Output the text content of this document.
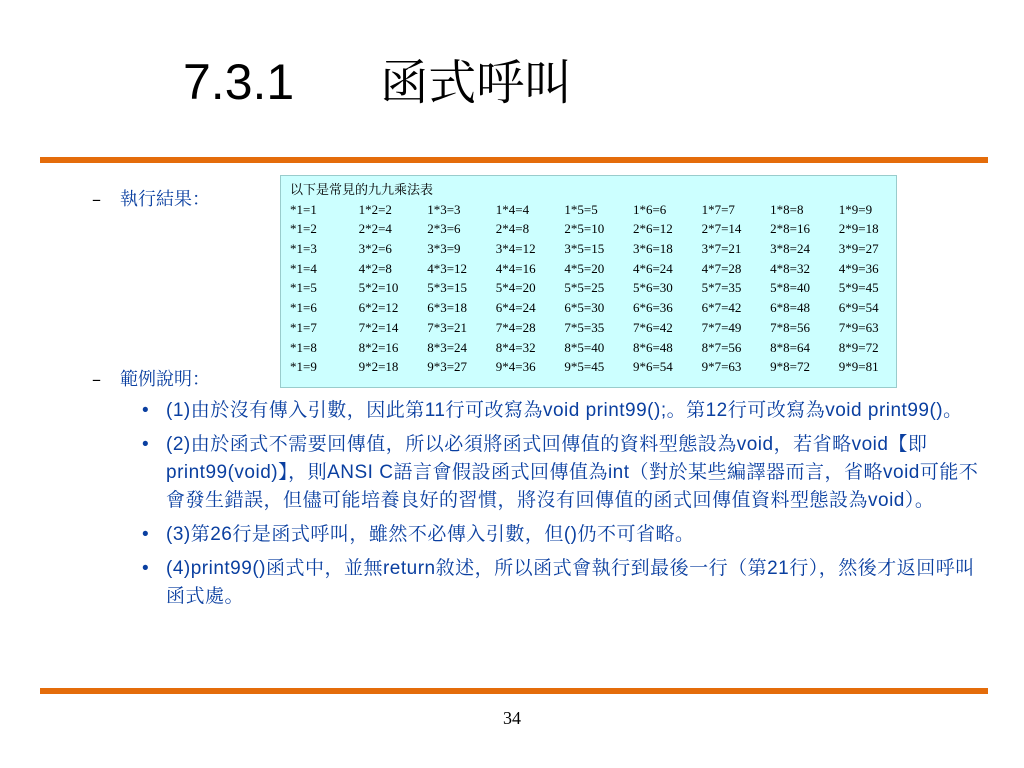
7.3.1 函式呼叫
– 執行結果：	以下是常見的九九乘法表
*1=1	1*2=2	1*3=3	1*4=4	1*5=5	1*6=6	1*7=7	1*8=8	1*9=9
*1=2	2*2=4	2*3=6	2*4=8	2*5=10	2*6=12	2*7=14	2*8=16	2*9=18
*1=3	3*2=6	3*3=9	3*4=12	3*5=15	3*6=18	3*7=21	3*8=24	3*9=27
*1=4	4*2=8	4*3=12	4*4=16	4*5=20	4*6=24	4*7=28	4*8=32	4*9=36
*1=5	5*2=10	5*3=15	5*4=20	5*5=25	5*6=30	5*7=35	5*8=40	5*9=45
*1=6	6*2=12	6*3=18	6*4=24	6*5=30	6*6=36	6*7=42	6*8=48	6*9=54
*1=7	7*2=14	7*3=21	7*4=28	7*5=35	7*6=42	7*7=49	7*8=56	7*9=63
*1=8	8*2=16	8*3=24	8*4=32	8*5=40	8*6=48	8*7=56	8*8=64	8*9=72
*1=9	9*2=18	9*3=27	9*4=36	9*5=45	9*6=54	9*7=63	9*8=72	9*9=81
– 範例說明：
• (1)由於沒有傳入引數，因此第11行可改寫為void print99();。第12行可改寫為void print99()。
• (2)由於函式不需要回傳值，所以必須將函式回傳值的資料型態設為void，若省略void【即print99(void)】，則ANSI C語言會假設函式回傳值為int（對於某些編譯器而言，省略void可能不會發生錯誤，但儘可能培養良好的習慣，將沒有回傳值的函式回傳值資料型態設為void）。
• (3)第26行是函式呼叫，雖然不必傳入引數，但()仍不可省略。
• (4)print99()函式中，並無return敘述，所以函式會執行到最後一行（第21行），然後才返回呼叫函式處。
34
